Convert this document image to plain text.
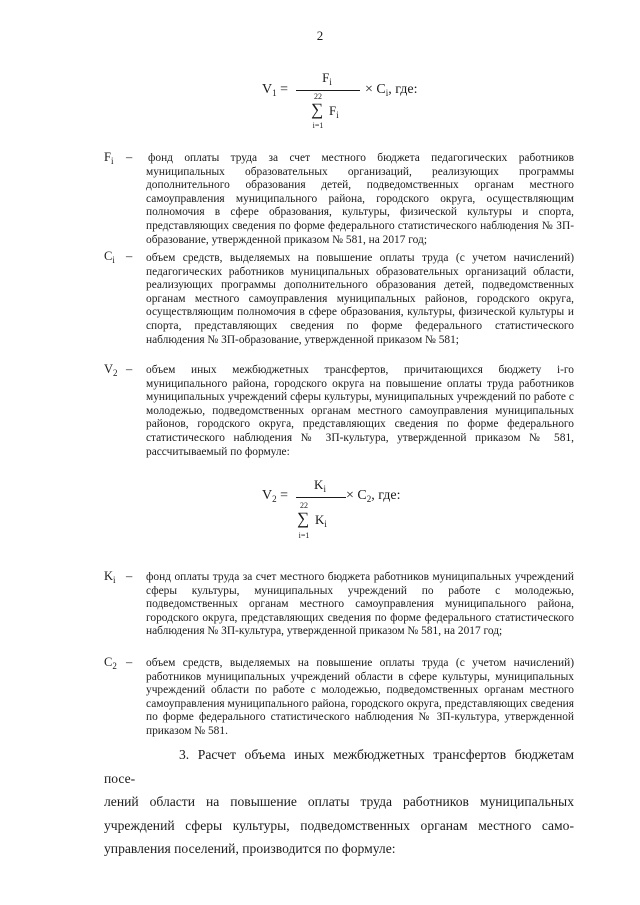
2
$V_1$ =
$F_i$
22
∑ $F_i$
i=1
× $C_i$, где:
$F_i$ – фонд оплаты труда за счет местного бюджета педагогических работников муниципальных образовательных организаций, реализующих программы дополнительного образования детей, подведомственных органам местного самоуправления муниципального района, городского округа, осуществляющим полномочия в сфере образования, культуры, физической культуры и спорта, представляющих сведения по форме федерального статистического наблюдения № ЗП-образование, утвержденной приказом № 581, на 2017 год;
$C_i$ – объем средств, выделяемых на повышение оплаты труда (с учетом начислений) педагогических работников муниципальных образовательных организаций области, реализующих программы дополнительного образования детей, подведомственных органам местного самоуправления муниципальных районов, городского округа, осуществляющим полномочия в сфере образования, культуры, физической культуры и спорта, представляющих сведения по форме федерального статистического наблюдения № ЗП-образование, утвержденной приказом № 581;
$V_2$ – объем иных межбюджетных трансфертов, причитающихся бюджету i-го муниципального района, городского округа на повышение оплаты труда работников муниципальных учреждений сферы культуры, муниципальных учреждений по работе с молодежью, подведомственных органам местного самоуправления муниципальных районов, городского округа, представляющих сведения по форме федерального статистического наблюдения № ЗП-культура, утвержденной приказом № 581, рассчитываемый по формуле:
$V_2$ =
$K_i$
22
∑ $K_i$
i=1
× $C_2$, где:
$K_i$ – фонд оплаты труда за счет местного бюджета работников муниципальных учреждений сферы культуры, муниципальных учреждений по работе с молодежью, подведомственных органам местного самоуправления муниципального района, городского округа, представляющих сведения по форме федерального статистического наблюдения № ЗП-культура, утвержденной приказом № 581, на 2017 год;
$C_2$ – объем средств, выделяемых на повышение оплаты труда (с учетом начислений) работников муниципальных учреждений области в сфере культуры, муниципальных учреждений области по работе с молодежью, подведомственных органам местного самоуправления муниципального района, городского округа, представляющих сведения по форме федерального статистического наблюдения № ЗП-культура, утвержденной приказом № 581.
3. Расчет объема иных межбюджетных трансфертов бюджетам посе-
лений области на повышение оплаты труда работников муниципальных
учреждений сферы культуры, подведомственных органам местного само-
управления поселений, производится по формуле:
